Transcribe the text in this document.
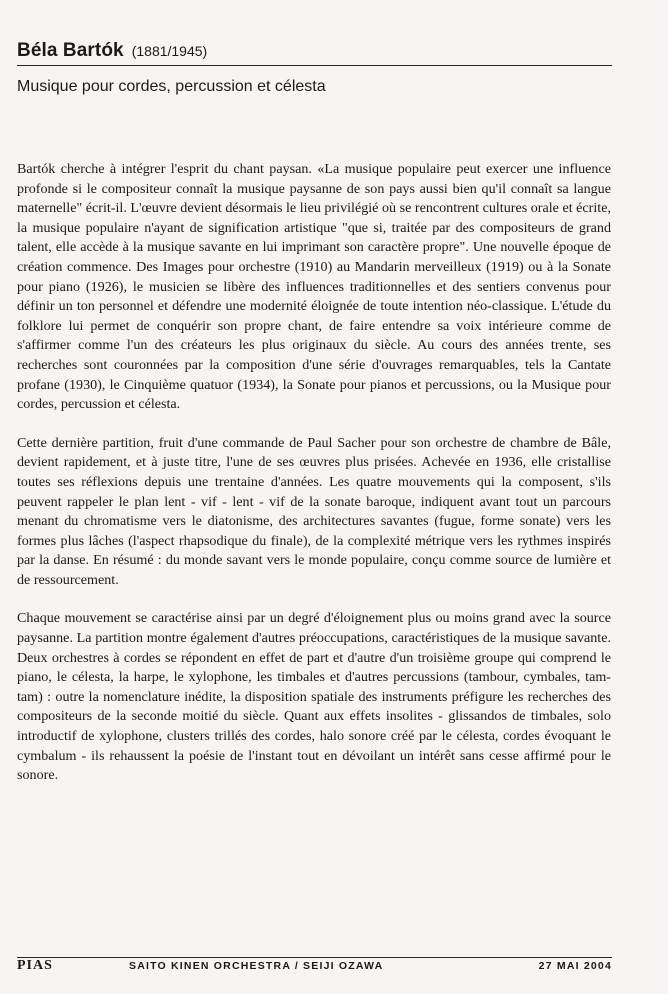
Béla Bartók (1881/1945)
Musique pour cordes, percussion et célesta

Bartók cherche à intégrer l'esprit du chant paysan. «La musique populaire peut exercer une influence profonde si le compositeur connaît la musique paysanne de son pays aussi bien qu'il connaît sa langue maternelle" écrit-il. L'œuvre devient désormais le lieu privilégié où se rencontrent cultures orale et écrite, la musique populaire n'ayant de signification artistique "que si, traitée par des compositeurs de grand talent, elle accède à la musique savante en lui imprimant son caractère propre". Une nouvelle époque de création commence. Des Images pour orchestre (1910) au Mandarin merveilleux (1919) ou à la Sonate pour piano (1926), le musicien se libère des influences traditionnelles et des sentiers convenus pour définir un ton personnel et défendre une modernité éloignée de toute intention néo-classique. L'étude du folklore lui permet de conquérir son propre chant, de faire entendre sa voix intérieure comme de s'affirmer comme l'un des créateurs les plus originaux du siècle. Au cours des années trente, ses recherches sont couronnées par la composition d'une série d'ouvrages remarquables, tels la Cantate profane (1930), le Cinquième quatuor (1934), la Sonate pour pianos et percussions, ou la Musique pour cordes, percussion et célesta.

Cette dernière partition, fruit d'une commande de Paul Sacher pour son orchestre de chambre de Bâle, devient rapidement, et à juste titre, l'une de ses œuvres plus prisées. Achevée en 1936, elle cristallise toutes ses réflexions depuis une trentaine d'années. Les quatre mouvements qui la composent, s'ils peuvent rappeler le plan lent - vif - lent - vif de la sonate baroque, indiquent avant tout un parcours menant du chromatisme vers le diatonisme, des architectures savantes (fugue, forme sonate) vers les formes plus lâches (l'aspect rhapsodique du finale), de la complexité métrique vers les rythmes inspirés par la danse. En résumé : du monde savant vers le monde populaire, conçu comme source de lumière et de ressourcement.

Chaque mouvement se caractérise ainsi par un degré d'éloignement plus ou moins grand avec la source paysanne. La partition montre également d'autres préoccupations, caractéristiques de la musique savante. Deux orchestres à cordes se répondent en effet de part et d'autre d'un troisième groupe qui comprend le piano, le célesta, la harpe, le xylophone, les timbales et d'autres percussions (tambour, cymbales, tam-tam) : outre la nomenclature inédite, la disposition spatiale des instruments préfigure les recherches des compositeurs de la seconde moitié du siècle. Quant aux effets insolites - glissandos de timbales, solo introductif de xylophone, clusters trillés des cordes, halo sonore créé par le célesta, cordes évoquant le cymbalum - ils rehaussent la poésie de l'instant tout en dévoilant un intérêt sans cesse affirmé pour le sonore.

PIAS	SAITO KINEN ORCHESTRA / SEIJI OZAWA	27 MAI 2004
